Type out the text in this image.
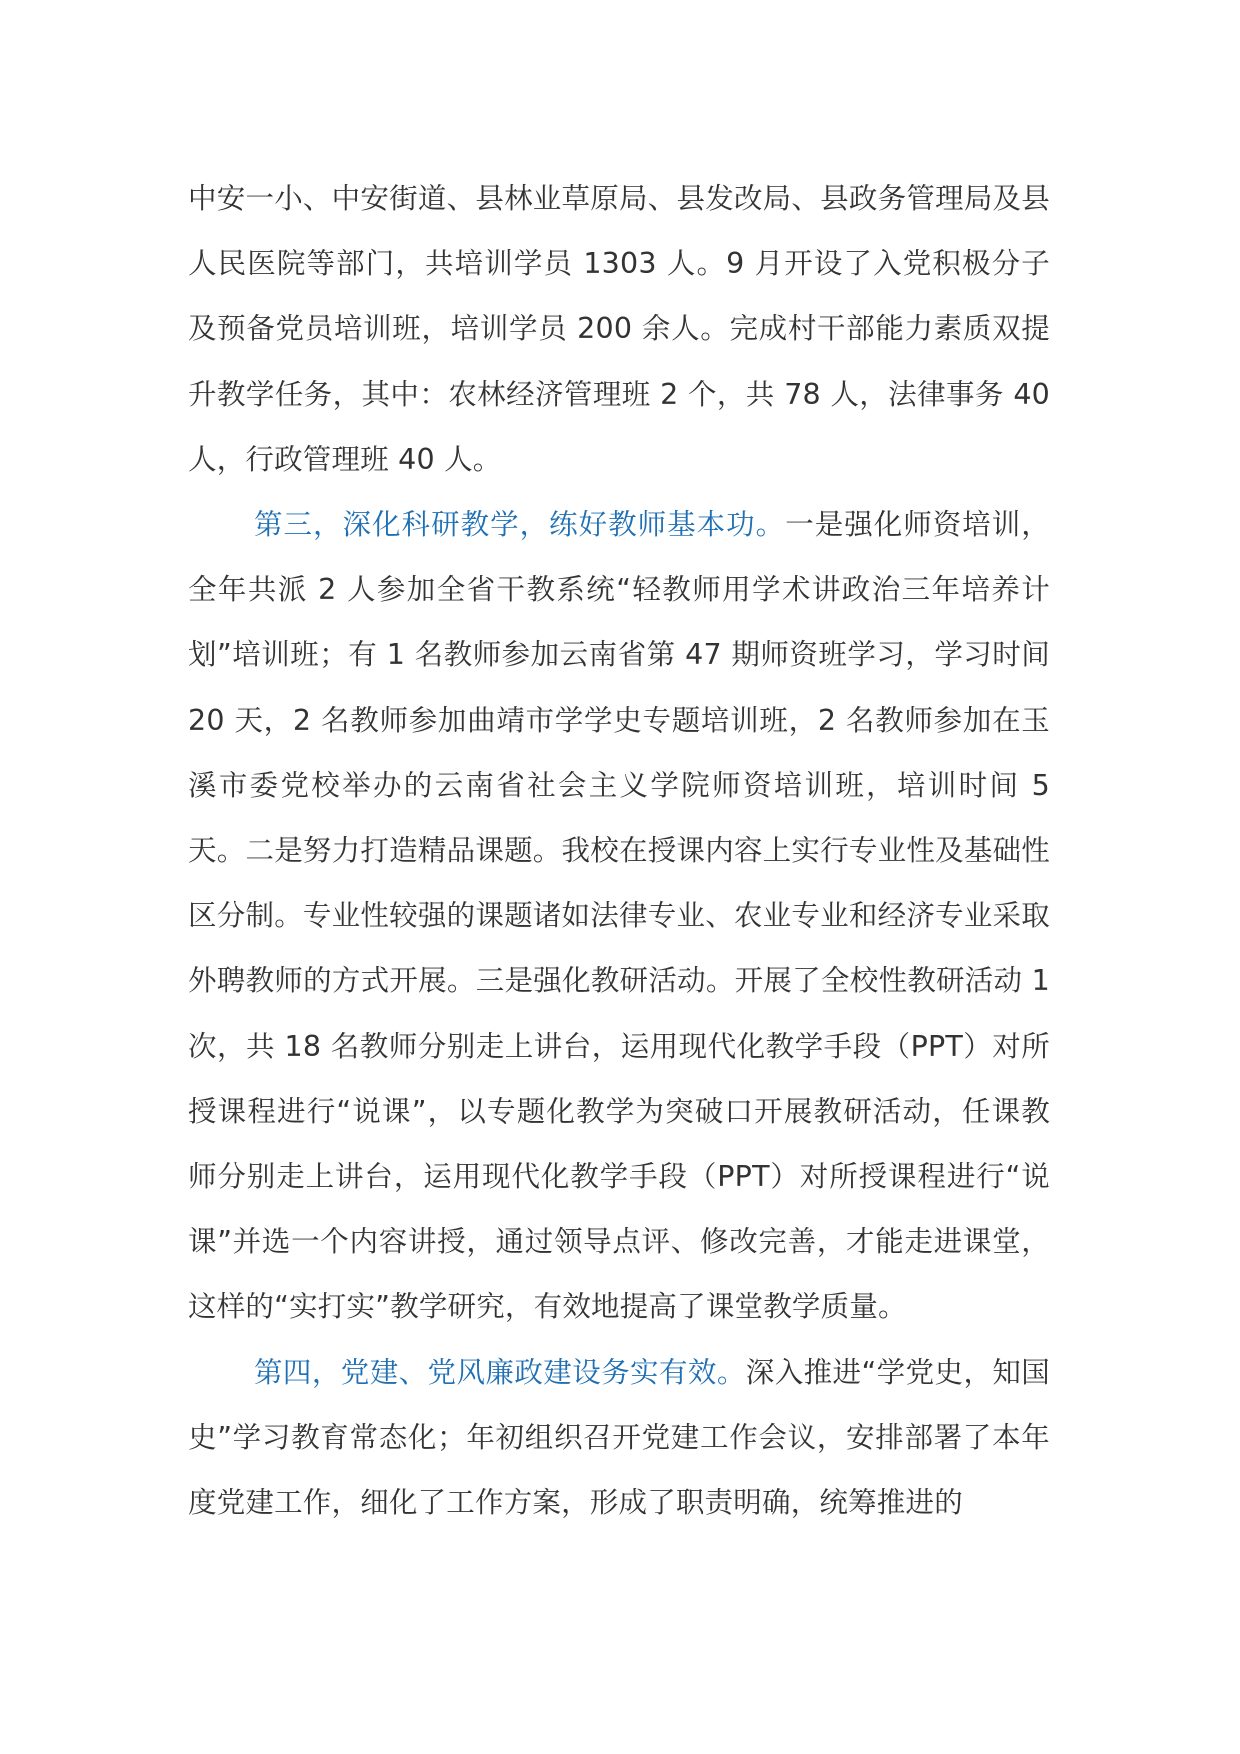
中安一小、中安街道、县林业草原局、县发改局、县政务管理局及县人民医院等部门，共培训学员 1303 人。9 月开设了入党积极分子及预备党员培训班，培训学员 200 余人。完成村干部能力素质双提升教学任务，其中：农林经济管理班 2 个，共 78 人，法律事务 40 人，行政管理班 40 人。

第三，深化科研教学，练好教师基本功。一是强化师资培训，全年共派 2 人参加全省干教系统“轻教师用学术讲政治三年培养计划”培训班；有 1 名教师参加云南省第 47 期师资班学习，学习时间 20 天，2 名教师参加曲靖市学学史专题培训班，2 名教师参加在玉溪市委党校举办的云南省社会主义学院师资培训班，培训时间 5 天。二是努力打造精品课题。我校在授课内容上实行专业性及基础性区分制。专业性较强的课题诸如法律专业、农业专业和经济专业采取外聘教师的方式开展。三是强化教研活动。开展了全校性教研活动 1 次，共 18 名教师分别走上讲台，运用现代化教学手段（PPT）对所授课程进行“说课”，以专题化教学为突破口开展教研活动，任课教师分别走上讲台，运用现代化教学手段（PPT）对所授课程进行“说课”并选一个内容讲授，通过领导点评、修改完善，才能走进课堂，这样的“实打实”教学研究，有效地提高了课堂教学质量。

第四，党建、党风廉政建设务实有效。深入推进“学党史，知国史”学习教育常态化；年初组织召开党建工作会议，安排部署了本年度党建工作，细化了工作方案，形成了职责明确，统筹推进的
